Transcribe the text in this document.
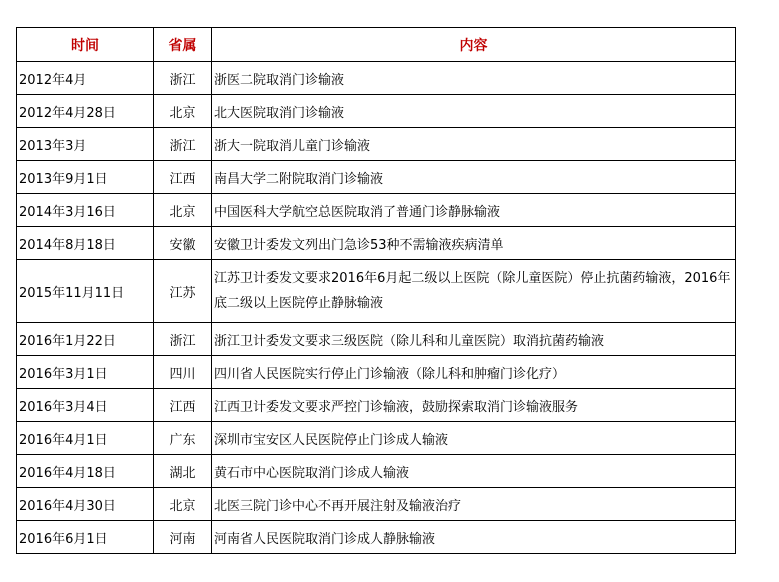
时间	省属	内容
2012年4月	浙江	浙医二院取消门诊输液
2012年4月28日	北京	北大医院取消门诊输液
2013年3月	浙江	浙大一院取消儿童门诊输液
2013年9月1日	江西	南昌大学二附院取消门诊输液
2014年3月16日	北京	中国医科大学航空总医院取消了普通门诊静脉输液
2014年8月18日	安徽	安徽卫计委发文列出门急诊53种不需输液疾病清单
2015年11月11日	江苏	江苏卫计委发文要求2016年6月起二级以上医院（除儿童医院）停止抗菌药输液，2016年底二级以上医院停止静脉输液
2016年1月22日	浙江	浙江卫计委发文要求三级医院（除儿科和儿童医院）取消抗菌药输液
2016年3月1日	四川	四川省人民医院实行停止门诊输液（除儿科和肿瘤门诊化疗）
2016年3月4日	江西	江西卫计委发文要求严控门诊输液，鼓励探索取消门诊输液服务
2016年4月1日	广东	深圳市宝安区人民医院停止门诊成人输液
2016年4月18日	湖北	黄石市中心医院取消门诊成人输液
2016年4月30日	北京	北医三院门诊中心不再开展注射及输液治疗
2016年6月1日	河南	河南省人民医院取消门诊成人静脉输液
